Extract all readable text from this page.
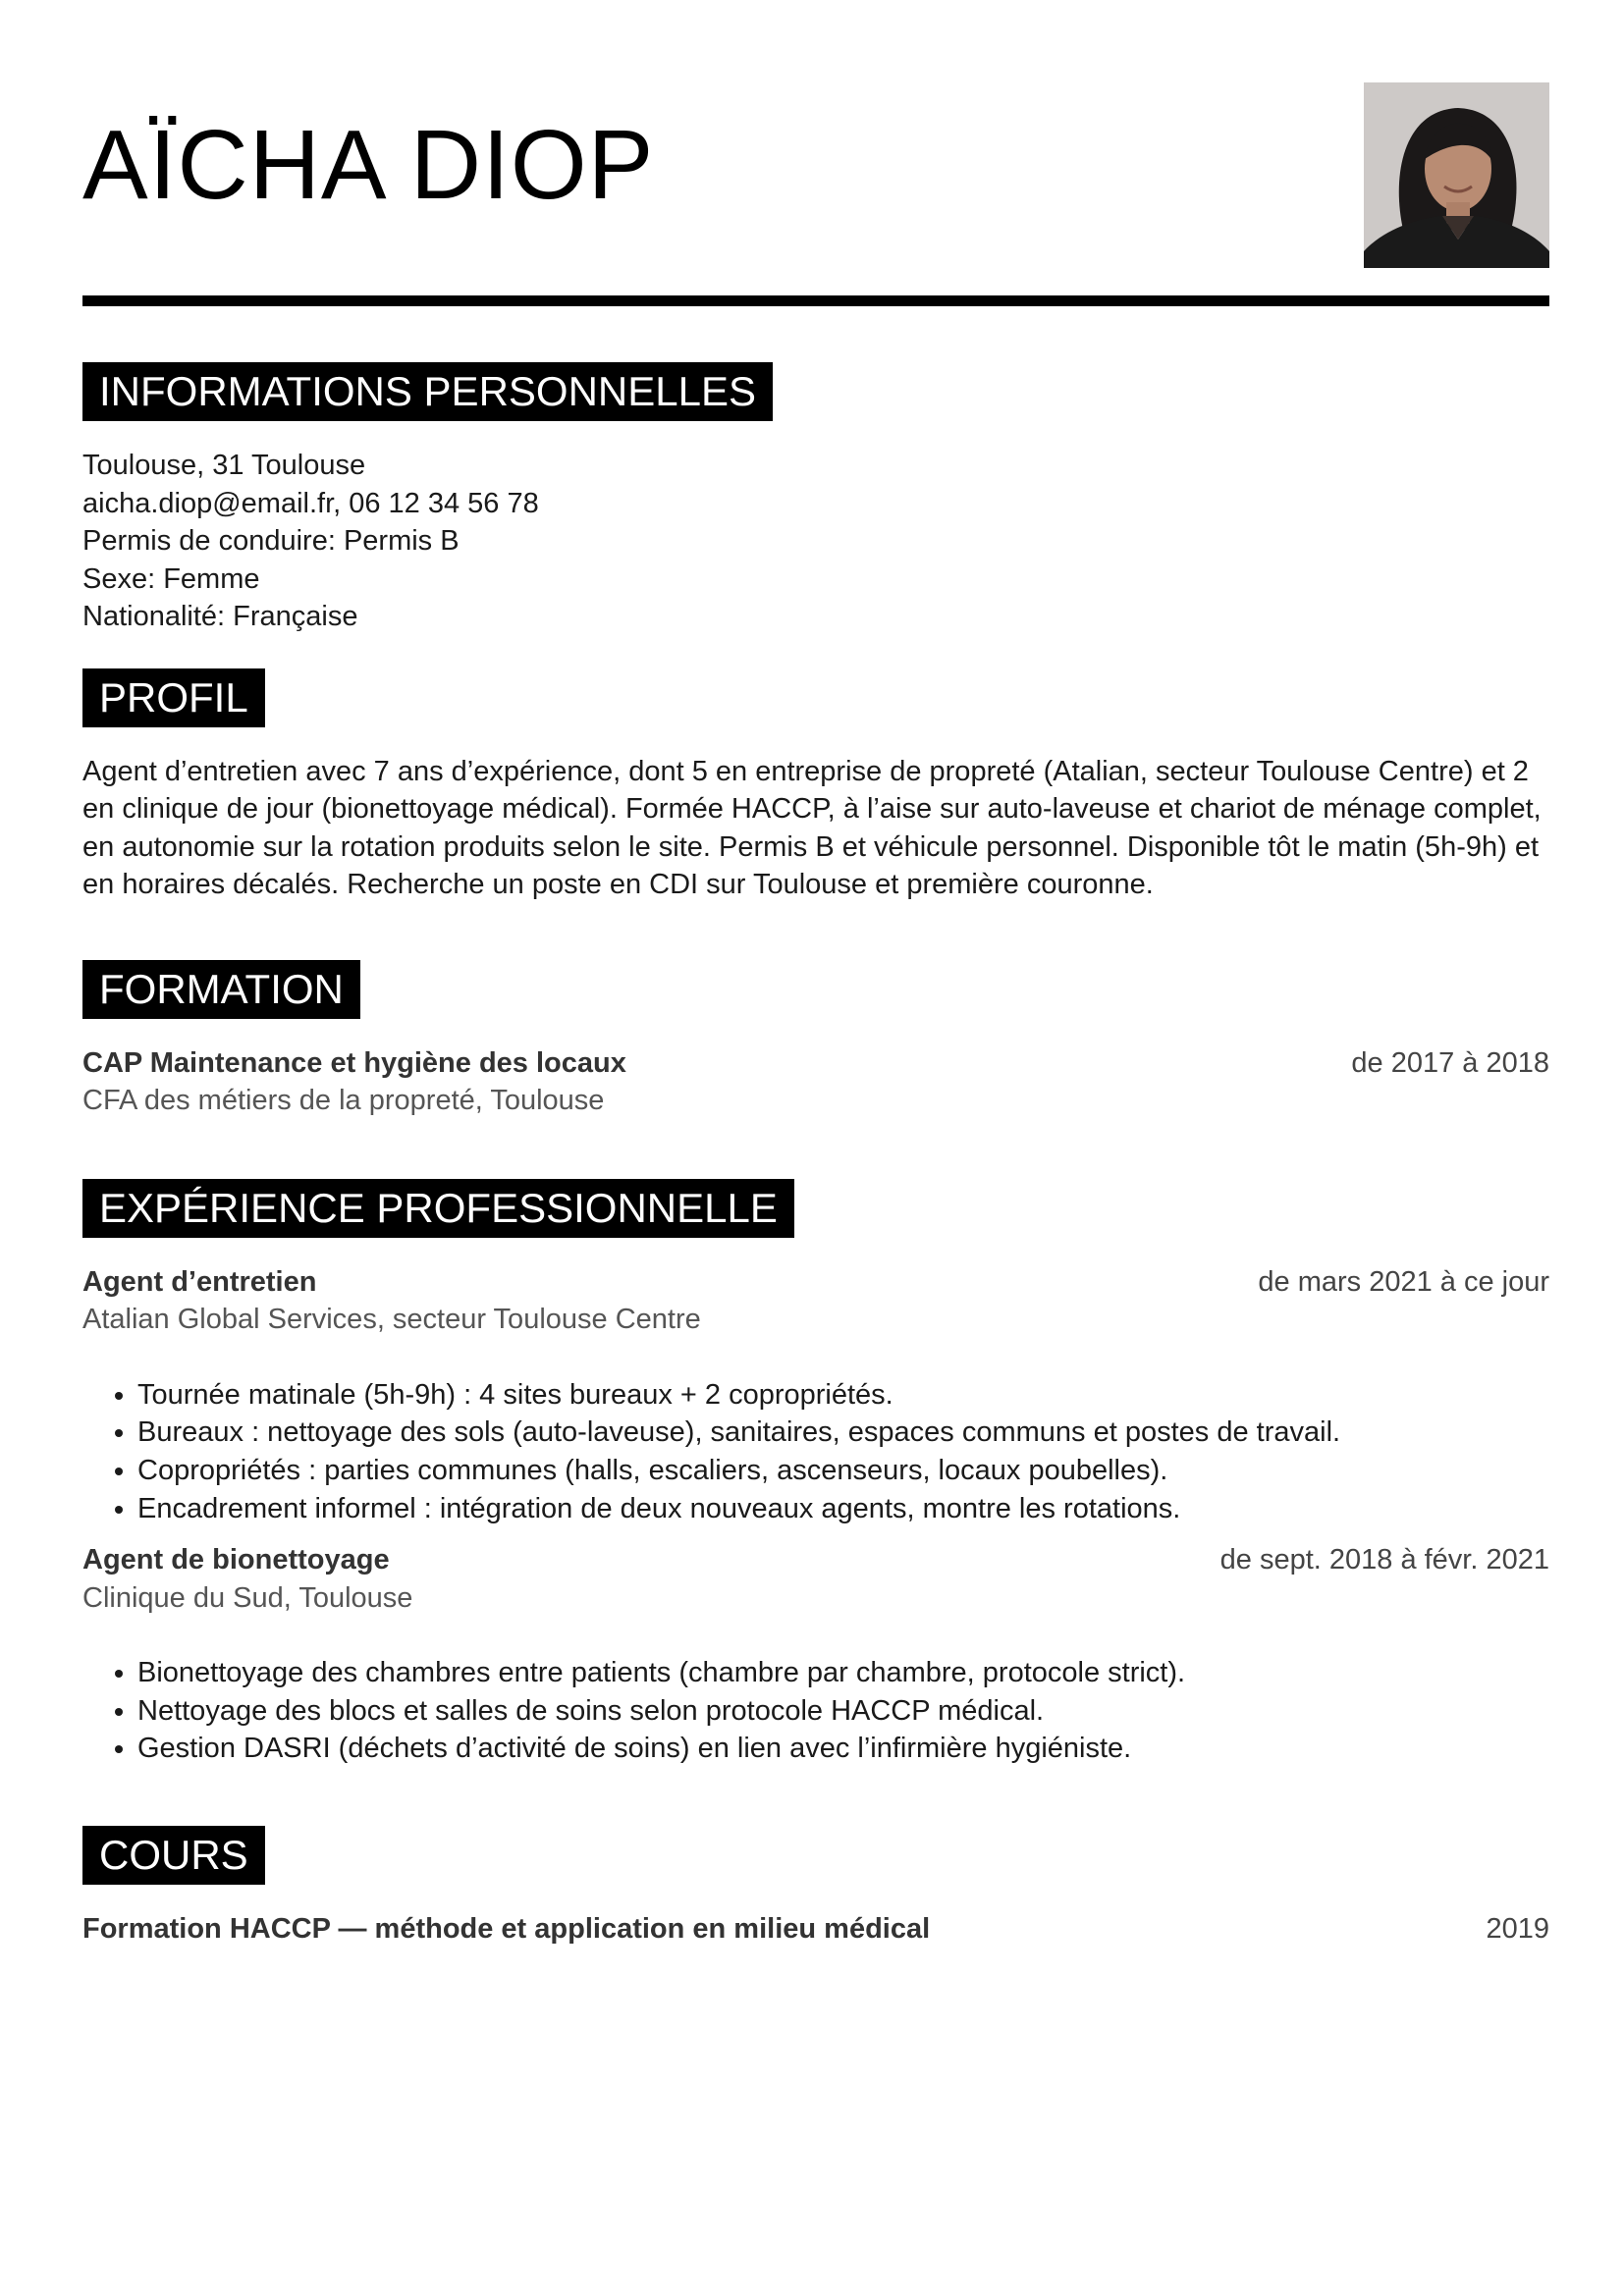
AÏCHA DIOP
INFORMATIONS PERSONNELLES
Toulouse, 31 Toulouse
aicha.diop@email.fr, 06 12 34 56 78
Permis de conduire: Permis B
Sexe: Femme
Nationalité: Française
PROFIL
Agent d’entretien avec 7 ans d’expérience, dont 5 en entreprise de propreté (Atalian, secteur Toulouse Centre) et 2 en clinique de jour (bionettoyage médical). Formée HACCP, à l’aise sur auto-laveuse et chariot de ménage complet, en autonomie sur la rotation produits selon le site. Permis B et véhicule personnel. Disponible tôt le matin (5h-9h) et en horaires décalés. Recherche un poste en CDI sur Toulouse et première couronne.
FORMATION
CAP Maintenance et hygiène des locaux	de 2017 à 2018
CFA des métiers de la propreté, Toulouse
EXPÉRIENCE PROFESSIONNELLE
Agent d’entretien	de mars 2021 à ce jour
Atalian Global Services, secteur Toulouse Centre
• Tournée matinale (5h-9h) : 4 sites bureaux + 2 copropriétés.
• Bureaux : nettoyage des sols (auto-laveuse), sanitaires, espaces communs et postes de travail.
• Copropriétés : parties communes (halls, escaliers, ascenseurs, locaux poubelles).
• Encadrement informel : intégration de deux nouveaux agents, montre les rotations.
Agent de bionettoyage	de sept. 2018 à févr. 2021
Clinique du Sud, Toulouse
• Bionettoyage des chambres entre patients (chambre par chambre, protocole strict).
• Nettoyage des blocs et salles de soins selon protocole HACCP médical.
• Gestion DASRI (déchets d’activité de soins) en lien avec l’infirmière hygiéniste.
COURS
Formation HACCP — méthode et application en milieu médical	2019
